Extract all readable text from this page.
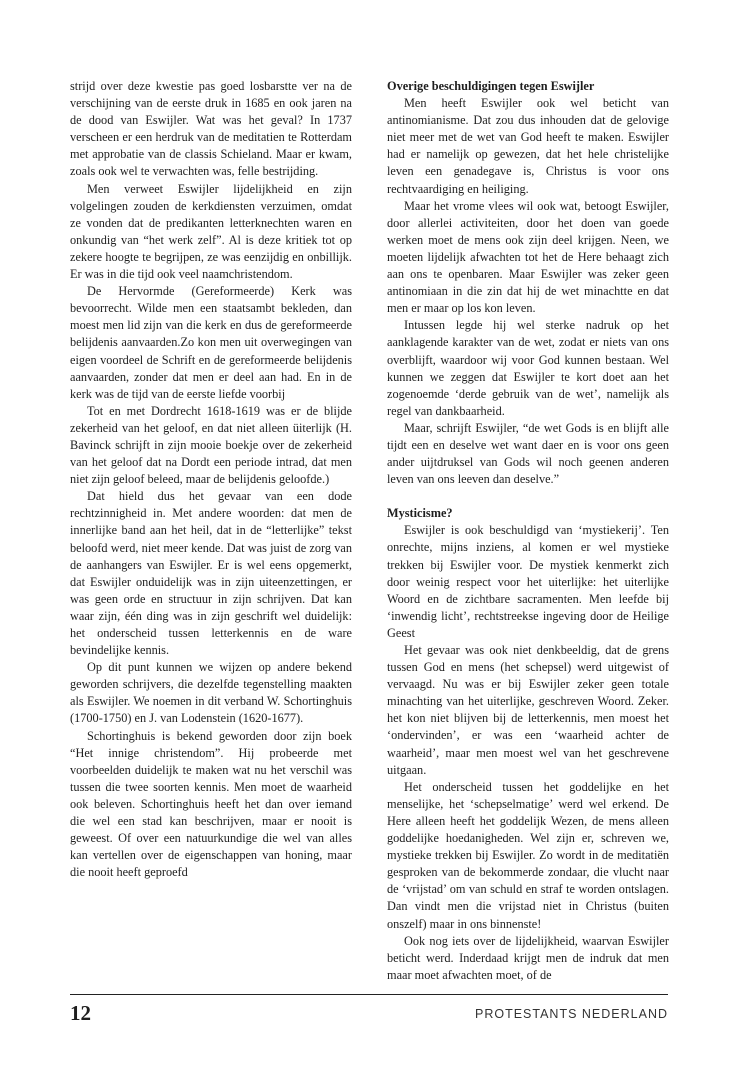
strijd over deze kwestie pas goed losbarstte ver na de verschijning van de eerste druk in 1685 en ook jaren na de dood van Eswijler. Wat was het geval? In 1737 verscheen er een herdruk van de meditatien te Rotterdam met approbatie van de classis Schieland. Maar er kwam, zoals ook wel te verwachten was, felle bestrijding.

Men verweet Eswijler lijdelijkheid en zijn volgelingen zouden de kerkdiensten verzuimen, omdat ze vonden dat de predikanten letterknechten waren en onkundig van “het werk zelf”. Al is deze kritiek tot op zekere hoogte te begrijpen, ze was eenzijdig en onbillijk. Er was in die tijd ook veel naamchristendom.

De Hervormde (Gereformeerde) Kerk was bevoorrecht. Wilde men een staatsambt bekleden, dan moest men lid zijn van die kerk en dus de gereformeerde belijdenis aanvaarden.Zo kon men uit overwegingen van eigen voordeel de Schrift en de gereformeerde belijdenis aanvaarden, zonder dat men er deel aan had. En in de kerk was de tijd van de eerste liefde voorbij

Tot en met Dordrecht 1618-1619 was er de blijde zekerheid van het geloof, en dat niet alleen üiterlijk (H. Bavinck schrijft in zijn mooie boekje over de zekerheid van het geloof dat na Dordt een periode intrad, dat men niet zijn geloof beleed, maar de belijdenis geloofde.)

Dat hield dus het gevaar van een dode rechtzinnigheid in. Met andere woorden: dat men de innerlijke band aan het heil, dat in de “letterlijke” tekst beloofd werd, niet meer kende. Dat was juist de zorg van de aanhangers van Eswijler. Er is wel eens opgemerkt, dat Eswijler onduidelijk was in zijn uiteenzettingen, er was geen orde en structuur in zijn schrijven. Dat kan waar zijn, één ding was in zijn geschrift wel duidelijk: het onderscheid tussen letterkennis en de ware bevindelijke kennis.

Op dit punt kunnen we wijzen op andere bekend geworden schrijvers, die dezelfde tegenstelling maakten als Eswijler. We noemen in dit verband W. Schortinghuis (1700-1750) en J. van Lodenstein (1620-1677).

Schortinghuis is bekend geworden door zijn boek “Het innige christendom”. Hij probeerde met voorbeelden duidelijk te maken wat nu het verschil was tussen die twee soorten kennis. Men moet de waarheid ook beleven. Schortinghuis heeft het dan over iemand die wel een stad kan beschrijven, maar er nooit is geweest. Of over een natuurkundige die wel van alles kan vertellen over de eigenschappen van honing, maar die nooit heeft geproefd

Overige beschuldigingen tegen Eswijler

Men heeft Eswijler ook wel beticht van antinomianisme. Dat zou dus inhouden dat de gelovige niet meer met de wet van God heeft te maken. Eswijler had er namelijk op gewezen, dat het hele christelijke leven een genadegave is, Christus is voor ons rechtvaardiging en heiliging.

Maar het vrome vlees wil ook wat, betoogt Eswijler, door allerlei activiteiten, door het doen van goede werken moet de mens ook zijn deel krijgen. Neen, we moeten lijdelijk afwachten tot het de Here behaagt zich aan ons te openbaren. Maar Eswijler was zeker geen antinomiaan in die zin dat hij de wet minachtte en dat men er maar op los kon leven.

Intussen legde hij wel sterke nadruk op het aanklagende karakter van de wet, zodat er niets van ons overblijft, waardoor wij voor God kunnen bestaan. Wel kunnen we zeggen dat Eswijler te kort doet aan het zogenoemde ‘derde gebruik van de wet’, namelijk als regel van dankbaarheid.

Maar, schrijft Eswijler, “de wet Gods is en blijft alle tijdt een en deselve wet want daer en is voor ons geen ander uijtdruksel van Gods wil noch geenen anderen leven van ons leeven dan deselve.”

Mysticisme?

Eswijler is ook beschuldigd van ‘mystiekerij’. Ten onrechte, mijns inziens, al komen er wel mystieke trekken bij Eswijler voor. De mystiek kenmerkt zich door weinig respect voor het uiterlijke: het uiterlijke Woord en de zichtbare sacramenten. Men leefde bij ‘inwendig licht’, rechtstreekse ingeving door de Heilige Geest

Het gevaar was ook niet denkbeeldig, dat de grens tussen God en mens (het schepsel) werd uitgewist of vervaagd. Nu was er bij Eswijler zeker geen totale minachting van het uiterlijke, geschreven Woord. Zeker. het kon niet blijven bij de letterkennis, men moest het ‘ondervinden’, er was een ‘waarheid achter de waarheid’, maar men moest wel van het geschrevene uitgaan.

Het onderscheid tussen het goddelijke en het menselijke, het ‘schepselmatige’ werd wel erkend. De Here alleen heeft het goddelijk Wezen, de mens alleen goddelijke hoedanigheden. Wel zijn er, schreven we, mystieke trekken bij Eswijler. Zo wordt in de meditatiën gesproken van de bekommerde zondaar, die vlucht naar de ‘vrijstad’ om van schuld en straf te worden ontslagen. Dan vindt men die vrijstad niet in Christus (buiten onszelf) maar in ons binnenste!

Ook nog iets over de lijdelijkheid, waarvan Eswijler beticht werd. Inderdaad krijgt men de indruk dat men maar moet afwachten moet, of de

12	PROTESTANTS NEDERLAND
